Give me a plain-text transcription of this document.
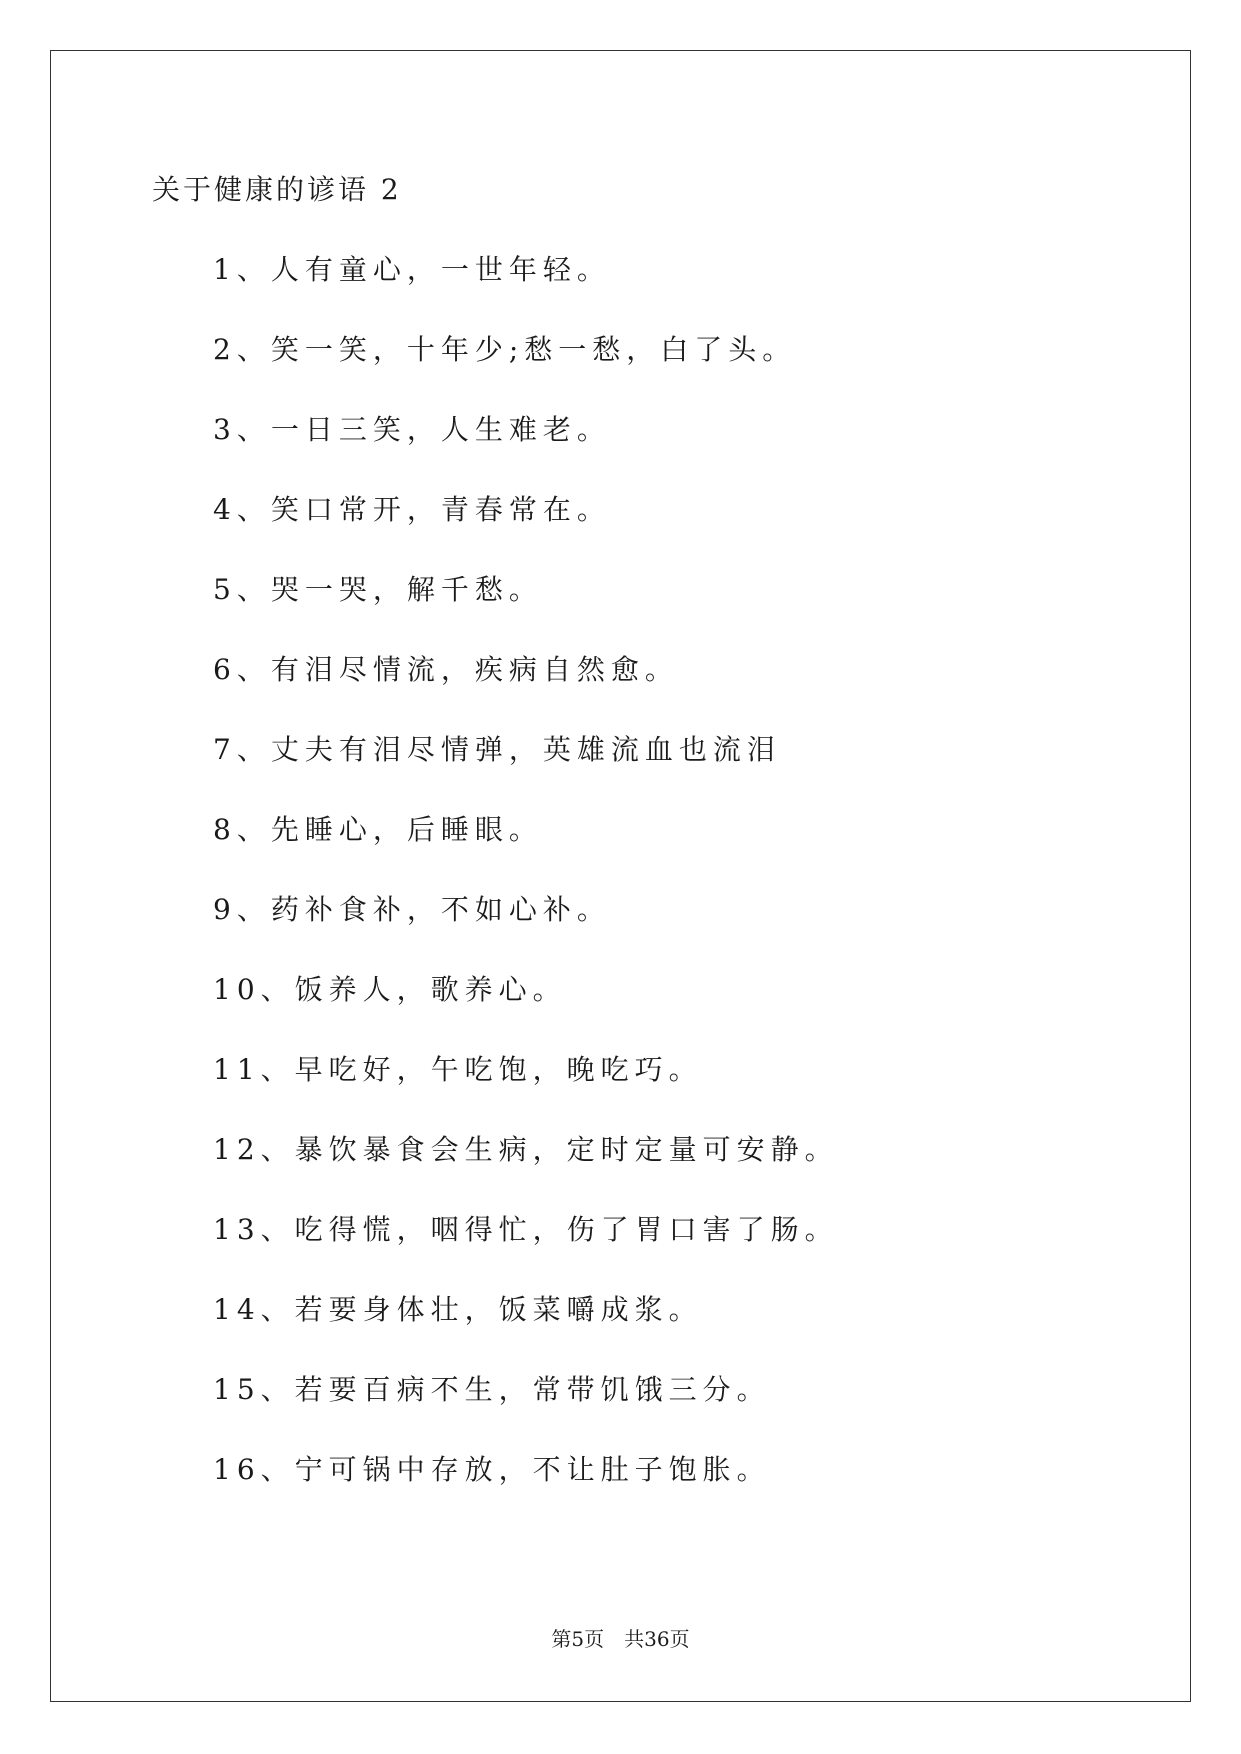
关于健康的谚语 2
1、人有童心，一世年轻。
2、笑一笑，十年少;愁一愁，白了头。
3、一日三笑，人生难老。
4、笑口常开，青春常在。
5、哭一哭，解千愁。
6、有泪尽情流，疾病自然愈。
7、丈夫有泪尽情弹，英雄流血也流泪
8、先睡心，后睡眼。
9、药补食补，不如心补。
10、饭养人，歌养心。
11、早吃好，午吃饱，晚吃巧。
12、暴饮暴食会生病，定时定量可安静。
13、吃得慌，咽得忙，伤了胃口害了肠。
14、若要身体壮，饭菜嚼成浆。
15、若要百病不生，常带饥饿三分。
16、宁可锅中存放，不让肚子饱胀。
第5页　共36页
